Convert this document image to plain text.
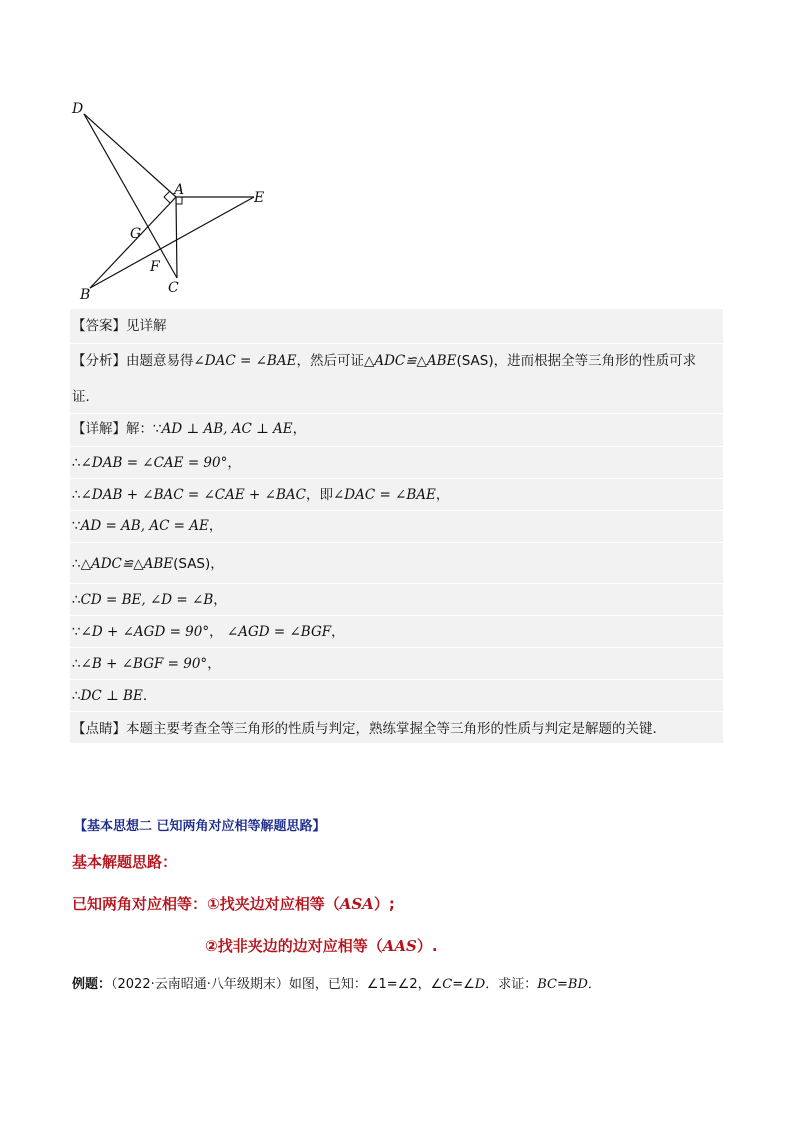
D
A	E
G
F
B	C
【答案】见详解
【分析】由题意易得∠DAC = ∠BAE，然后可证△ADC≌△ABE(SAS)，进而根据全等三角形的性质可求
证．
【详解】解：∵AD ⊥ AB, AC ⊥ AE，
∴∠DAB = ∠CAE = 90°，
∴∠DAB + ∠BAC = ∠CAE + ∠BAC，即∠DAC = ∠BAE，
∵AD = AB, AC = AE，
∴△ADC≌△ABE(SAS)，
∴CD = BE, ∠D = ∠B，
∵∠D + ∠AGD = 90°， ∠AGD = ∠BGF，
∴∠B + ∠BGF = 90°，
∴DC ⊥ BE．
【点睛】本题主要考查全等三角形的性质与判定，熟练掌握全等三角形的性质与判定是解题的关键．
【基本思想二 已知两角对应相等解题思路】
基本解题思路：
已知两角对应相等：①找夹边对应相等（ASA）;
②找非夹边的边对应相等（AAS）.
例题：（2022·云南昭通·八年级期末）如图，已知：∠1=∠2，∠C=∠D．求证：BC=BD．
